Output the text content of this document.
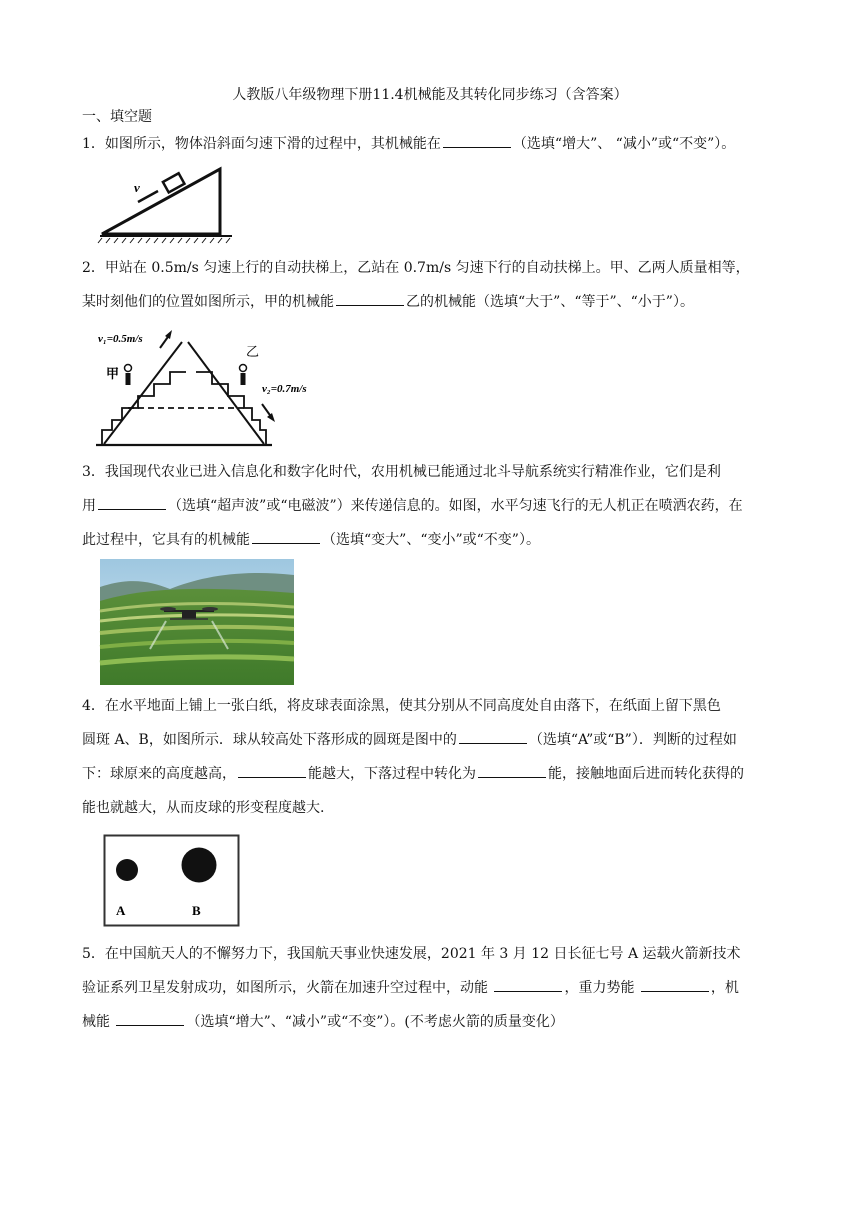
人教版八年级物理下册11.4机械能及其转化同步练习（含答案）
一、填空题
1．如图所示，物体沿斜面匀速下滑的过程中，其机械能在	（选填“增大”、 “减小”或“不变”）。
v
2．甲站在 0.5m/s 匀速上行的自动扶梯上，乙站在 0.7m/s 匀速下行的自动扶梯上。甲、乙两人质量相等，
某时刻他们的位置如图所示，甲的机械能	乙的机械能（选填“大于”、“等于”、“小于”）。
v₁=0.5m/s
甲
乙
v₂=0.7m/s
3．我国现代农业已进入信息化和数字化时代，农用机械已能通过北斗导航系统实行精准作业，它们是利
用	（选填“超声波”或“电磁波”）来传递信息的。如图，水平匀速飞行的无人机正在喷洒农药，在
此过程中，它具有的机械能	（选填“变大”、“变小”或“不变”）。
4．在水平地面上铺上一张白纸，将皮球表面涂黑，使其分别从不同高度处自由落下，在纸面上留下黑色
圆斑 A、B，如图所示．球从较高处下落形成的圆斑是图中的	（选填“A”或“B”）．判断的过程如
下：球原来的高度越高，	能越大，下落过程中转化为	能，接触地面后进而转化获得的
能也就越大，从而皮球的形变程度越大.
A	B
5．在中国航天人的不懈努力下，我国航天事业快速发展，2021 年 3 月 12 日长征七号 A 运载火箭新技术
验证系列卫星发射成功，如图所示，火箭在加速升空过程中，动能	，重力势能	，机
械能	（选填“增大”、“减小”或“不变”）。(不考虑火箭的质量变化）
